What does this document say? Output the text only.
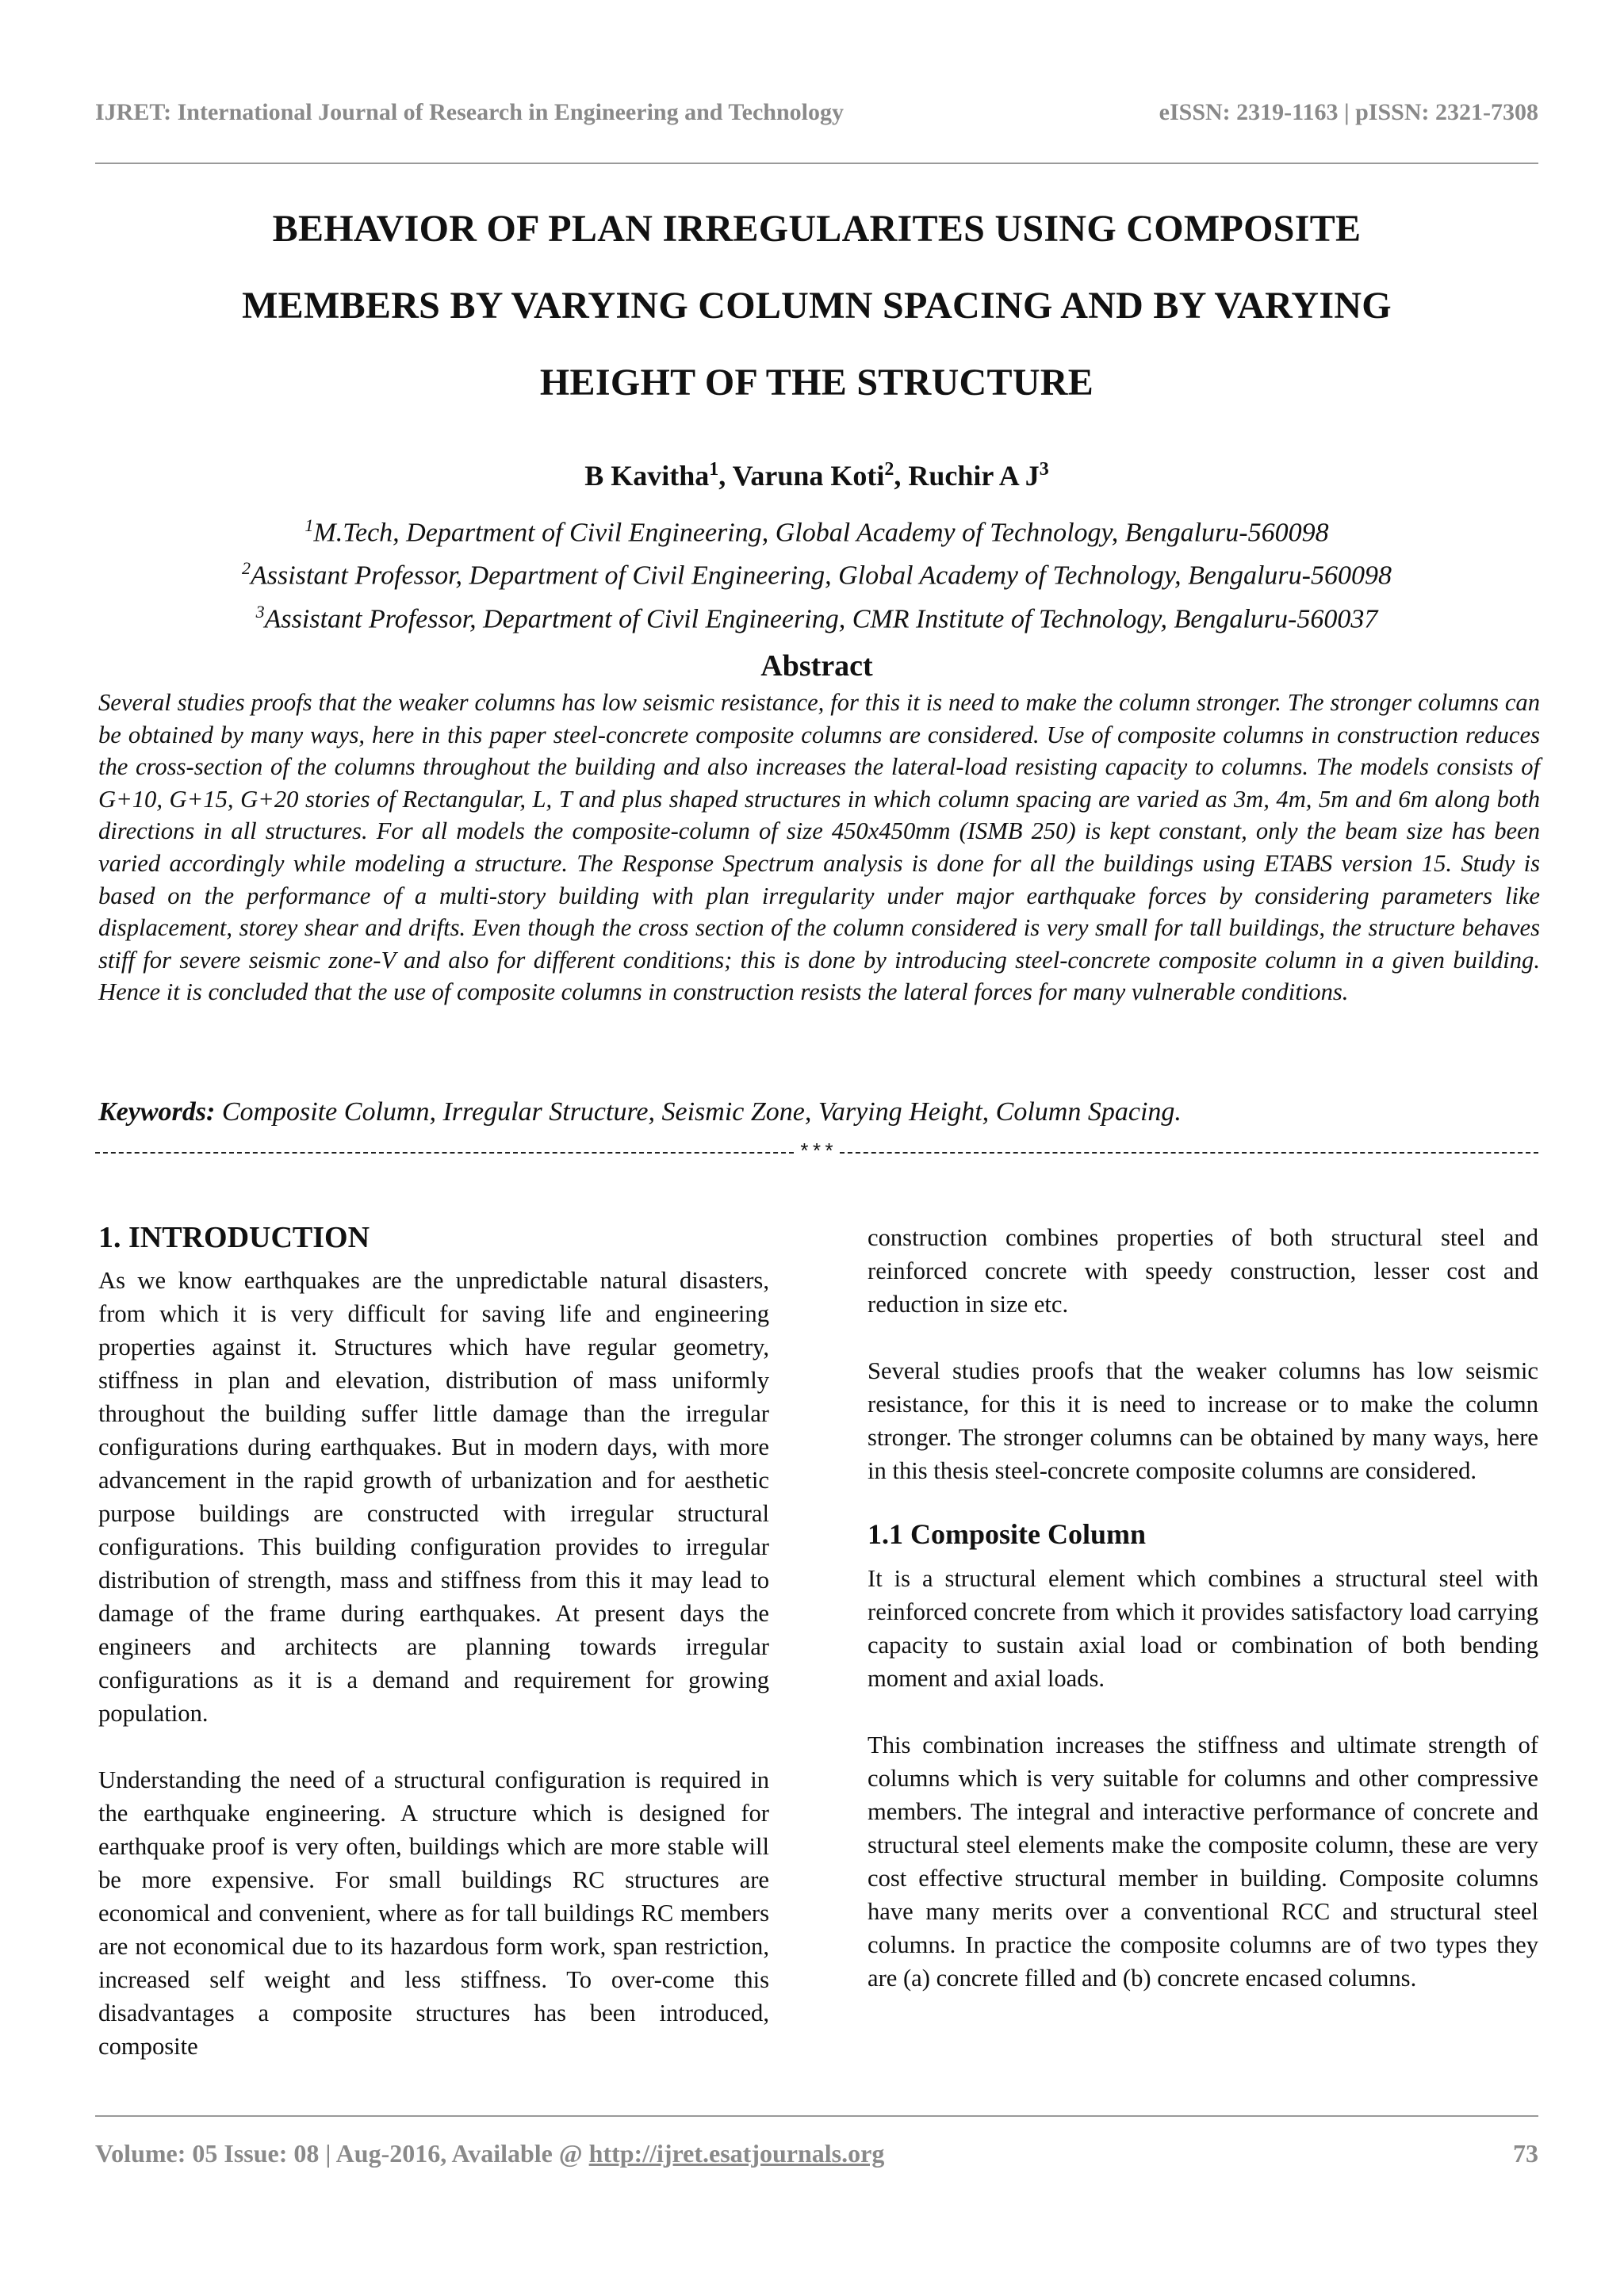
IJRET: International Journal of Research in Engineering and Technology	eISSN: 2319-1163 | pISSN: 2321-7308
BEHAVIOR OF PLAN IRREGULARITES USING COMPOSITE
MEMBERS BY VARYING COLUMN SPACING AND BY VARYING
HEIGHT OF THE STRUCTURE
B Kavitha$^1$, Varuna Koti$^2$, Ruchir A $J^3$
$^1$M.Tech, Department of Civil Engineering, Global Academy of Technology, Bengaluru-560098
$^2$Assistant Professor, Department of Civil Engineering, Global Academy of Technology, Bengaluru-560098
$^3$Assistant Professor, Department of Civil Engineering, CMR Institute of Technology, Bengaluru-560037
Abstract
Several studies proofs that the weaker columns has low seismic resistance, for this it is need to make the column stronger. The stronger columns can be obtained by many ways, here in this paper steel-concrete composite columns are considered. Use of composite columns in construction reduces the cross-section of the columns throughout the building and also increases the lateral-load resisting capacity to columns. The models consists of G+10, G+15, G+20 stories of Rectangular, L, T and plus shaped structures in which column spacing are varied as 3m, 4m, 5m and 6m along both directions in all structures. For all models the composite-column of size 450x450mm (ISMB 250) is kept constant, only the beam size has been varied accordingly while modeling a structure. The Response Spectrum analysis is done for all the buildings using ETABS version 15. Study is based on the performance of a multi-story building with plan irregularity under major earthquake forces by considering parameters like displacement, storey shear and drifts. Even though the cross section of the column considered is very small for tall buildings, the structure behaves stiff for severe seismic zone-V and also for different conditions; this is done by introducing steel-concrete composite column in a given building. Hence it is concluded that the use of composite columns in construction resists the lateral forces for many vulnerable conditions.
Keywords: Composite Column, Irregular Structure, Seismic Zone, Varying Height, Column Spacing.
***
1. INTRODUCTION

As we know earthquakes are the unpredictable natural disasters, from which it is very difficult for saving life and engineering properties against it. Structures which have regular geometry, stiffness in plan and elevation, distribution of mass uniformly throughout the building suffer little damage than the irregular configurations during earthquakes. But in modern days, with more advancement in the rapid growth of urbanization and for aesthetic purpose buildings are constructed with irregular structural configurations. This building configuration provides to irregular distribution of strength, mass and stiffness from this it may lead to damage of the frame during earthquakes. At present days the engineers and architects are planning towards irregular configurations as it is a demand and requirement for growing population.

Understanding the need of a structural configuration is required in the earthquake engineering. A structure which is designed for earthquake proof is very often, buildings which are more stable will be more expensive. For small buildings RC structures are economical and convenient, where as for tall buildings RC members are not economical due to its hazardous form work, span restriction, increased self weight and less stiffness. To over-come this disadvantages a composite structures has been introduced, composite

construction combines properties of both structural steel and reinforced concrete with speedy construction, lesser cost and reduction in size etc.

Several studies proofs that the weaker columns has low seismic resistance, for this it is need to increase or to make the column stronger. The stronger columns can be obtained by many ways, here in this thesis steel-concrete composite columns are considered.

1.1 Composite Column

It is a structural element which combines a structural steel with reinforced concrete from which it provides satisfactory load carrying capacity to sustain axial load or combination of both bending moment and axial loads.

This combination increases the stiffness and ultimate strength of columns which is very suitable for columns and other compressive members. The integral and interactive performance of concrete and structural steel elements make the composite column, these are very cost effective structural member in building. Composite columns have many merits over a conventional RCC and structural steel columns. In practice the composite columns are of two types they are (a) concrete filled and (b) concrete encased columns.

Volume: 05 Issue: 08 | Aug-2016, Available @ http://ijret.esatjournals.org	73
